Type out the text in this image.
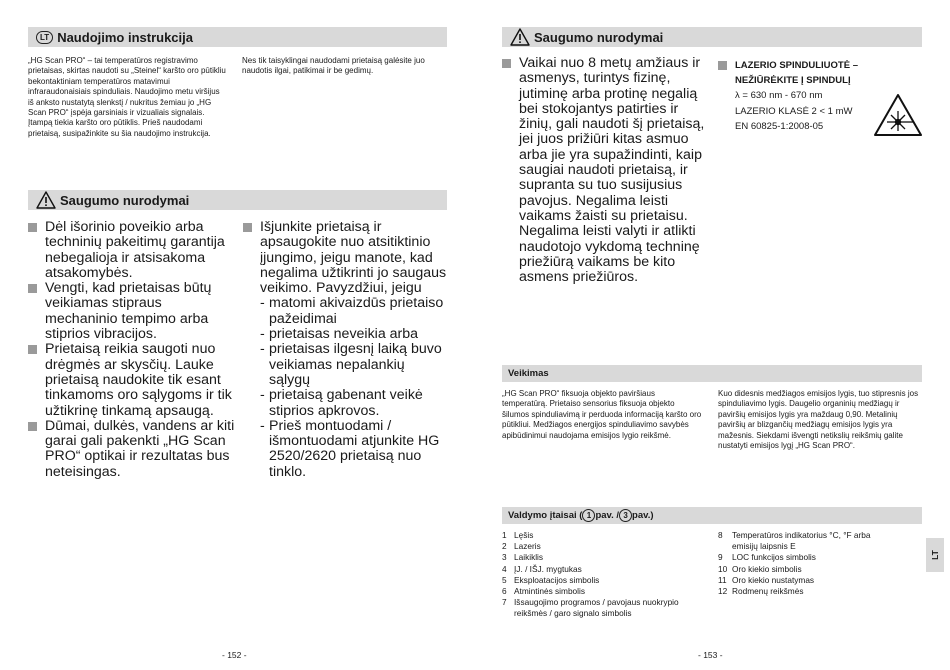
LT Naudojimo instrukcija
„HG Scan PRO“ – tai temperatūros registravimo prietaisas, skirtas naudoti su „Steinel“ karšto oro pūtikliu bekontaktiniam temperatūros matavimui infraraudonaisiais spinduliais. Naudojimo metu viršijus iš anksto nustatytą slenkstį / nukritus žemiau jo „HG Scan PRO“ įspėja garsiniais ir vizualiais signalais. Įtampą tiekia karšto oro pūtiklis. Prieš naudodami prietaisą, susipažinkite su šia naudojimo instrukcija.
Nes tik taisyklingai naudodami prietaisą galėsite juo naudotis ilgai, patikimai ir be gedimų.
Saugumo nurodymai
Dėl išorinio poveikio arba techninių pakeitimų garantija nebegalioja ir atsisakoma atsakomybės.
Vengti, kad prietaisas būtų veikiamas stipraus mechaninio tempimo arba stiprios vibracijos.
Prietaisą reikia saugoti nuo drėgmės ar skysčių. Lauke prietaisą naudokite tik esant tinkamoms oro sąlygoms ir tik užtikrinę tinkamą apsaugą.
Dūmai, dulkės, vandens ar kiti garai gali pakenkti „HG Scan PRO“ optikai ir rezultatas bus neteisingas.
Išjunkite prietaisą ir apsaugokite nuo atsitiktinio įjungimo, jeigu manote, kad negalima užtikrinti jo saugaus veikimo. Pavyzdžiui, jeigu
- matomi akivaizdūs prietaiso pažeidimai
- prietaisas neveikia arba
- prietaisas ilgesnį laiką buvo veikiamas nepalankių sąlygų
- prietaisą gabenant veikė stiprios apkrovos.
- Prieš montuodami / išmontuodami atjunkite HG 2520/2620 prietaisą nuo tinklo.
- 152 -
Saugumo nurodymai
Vaikai nuo 8 metų amžiaus ir asmenys, turintys fizinę, jutiminę arba protinę negalią bei stokojantys patirties ir žinių, gali naudoti šį prietaisą, jei juos prižiūri kitas asmuo arba jie yra supažindinti, kaip saugiai naudoti prietaisą, ir supranta su tuo susijusius pavojus. Negalima leisti vaikams žaisti su prietaisu. Negalima leisti valyti ir atlikti naudotojo vykdomą techninę priežiūrą vaikams be kito asmens priežiūros.
LAZERIO SPINDULIUOTĖ –
NEŽIŪRĖKITE Į SPINDULĮ
λ = 630 nm - 670 nm
LAZERIO KLASĖ 2 < 1 mW
EN 60825-1:2008-05
Veikimas
„HG Scan PRO“ fiksuoja objekto paviršiaus temperatūrą. Prietaiso sensorius fiksuoja objekto šilumos spinduliavimą ir perduoda informaciją karšto oro pūtikliui. Medžiagos energijos spinduliavimo savybės apibūdinimui naudojama emisijos lygio reikšmė.
Kuo didesnis medžiagos emisijos lygis, tuo stipresnis jos spinduliavimo lygis. Daugelio organinių medžiagų ir paviršių emisijos lygis yra maždaug 0,90. Metalinių paviršių ar blizgančių medžiagų emisijos lygis yra mažesnis. Siekdami išvengti netikslių reikšmių galite nustatyti emisijos lygį „HG Scan PRO“.
Valdymo įtaisai ( 1 pav. / 3 pav.)
1 Lęšis
2 Lazeris
3 Laikiklis
4 ĮJ. / IŠJ. mygtukas
5 Eksploatacijos simbolis
6 Atmintinės simbolis
7 Išsaugojimo programos / pavojaus nuokrypio reikšmės / garo signalo simbolis
8	Temperatūros indikatorius °C, °F arba emisijų laipsnis E
9	LOC funkcijos simbolis
10 Oro kiekio simbolis
11 Oro kiekio nustatymas
12 Rodmenų reikšmės
LT
- 153 -
